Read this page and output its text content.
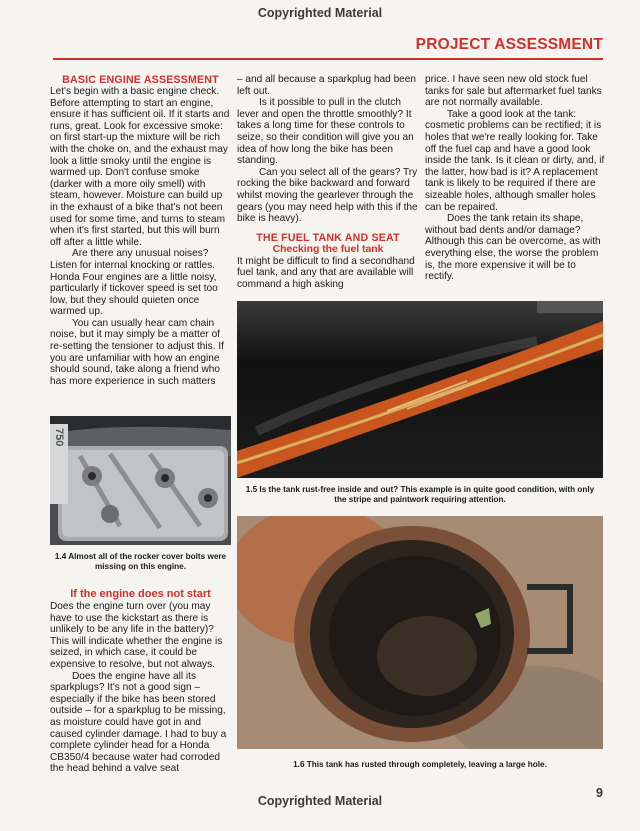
Copyrighted Material
PROJECT ASSESSMENT

BASIC ENGINE ASSESSMENT

Let's begin with a basic engine check. Before attempting to start an engine, ensure it has sufficient oil. If it starts and runs, great. Look for excessive smoke: on first start-up the mixture will be rich with the choke on, and the exhaust may look a little smoky until the engine is warmed up. Don't confuse smoke (darker with a more oily smell) with steam, however. Moisture can build up in the exhaust of a bike that's not been used for some time, and turns to steam when it's first started, but this will burn off after a little while.

Are there any unusual noises? Listen for internal knocking or rattles. Honda Four engines are a little noisy, particularly if tickover speed is set too low, but they should quieten once warmed up.

You can usually hear cam chain noise, but it may simply be a matter of re-setting the tensioner to adjust this. If you are unfamiliar with how an engine should sound, take along a friend who has more experience in such matters

750
1.4 Almost all of the rocker cover bolts were missing on this engine.

If the engine does not start

Does the engine turn over (you may have to use the kickstart as there is unlikely to be any life in the battery)? This will indicate whether the engine is seized, in which case, it could be expensive to resolve, but not always.

Does the engine have all its sparkplugs? It's not a good sign – especially if the bike has been stored outside – for a sparkplug to be missing, as moisture could have got in and caused cylinder damage. I had to buy a complete cylinder head for a Honda CB350/4 because water had corroded the head behind a valve seat

– and all because a sparkplug had been left out.

Is it possible to pull in the clutch lever and open the throttle smoothly? It takes a long time for these controls to seize, so their condition will give you an idea of how long the bike has been standing.

Can you select all of the gears? Try rocking the bike backward and forward whilst moving the gearlever through the gears (you may need help with this if the bike is heavy).

THE FUEL TANK AND SEAT

Checking the fuel tank

It might be difficult to find a secondhand fuel tank, and any that are available will command a high asking

price. I have seen new old stock fuel tanks for sale but aftermarket fuel tanks are not normally available.

Take a good look at the tank: cosmetic problems can be rectified; it is holes that we're really looking for. Take off the fuel cap and have a good look inside the tank. Is it clean or dirty, and, if the latter, how bad is it? A replacement tank is likely to be required if there are sizeable holes, although smaller holes can be repaired.

Does the tank retain its shape, without bad dents and/or damage? Although this can be overcome, as with everything else, the worse the problem is, the more expensive it will be to rectify.

1.5 Is the tank rust-free inside and out? This example is in quite good condition, with only the stripe and paintwork requiring attention.
1.6 This tank has rusted through completely, leaving a large hole.
Copyrighted Material
9
